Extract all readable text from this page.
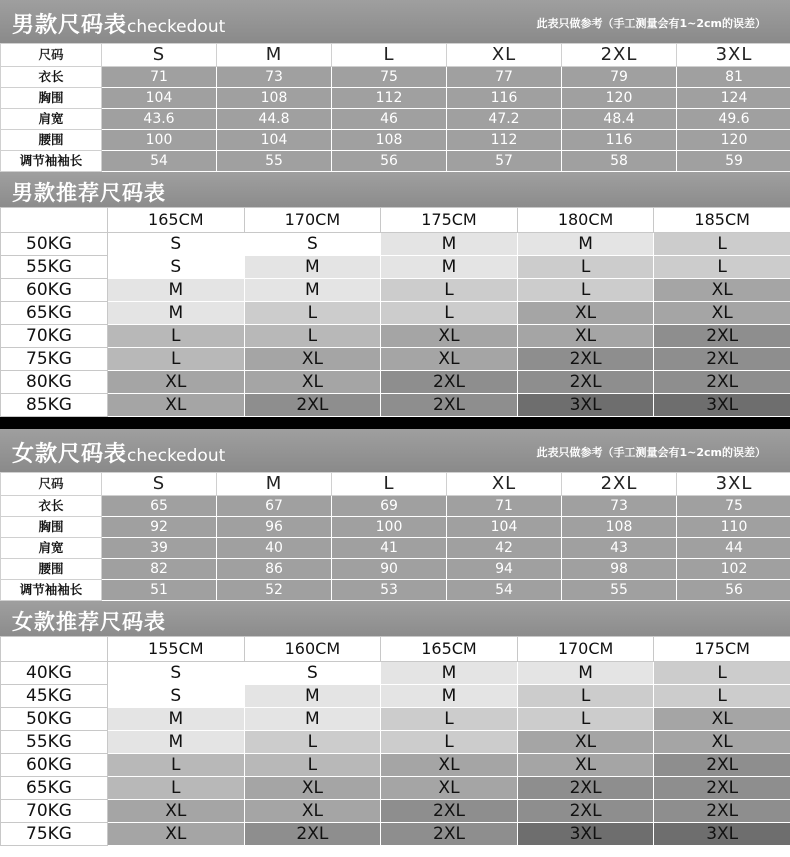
男款尺码表checkedout	此表只做参考（手工测量会有1~2cm的误差）
尺码	S	M	L	XL	2XL	3XL
衣长	71	73	75	77	79	81
胸围	104	108	112	116	120	124
肩宽	43.6	44.8	46	47.2	48.4	49.6
腰围	100	104	108	112	116	120
调节袖袖长	54	55	56	57	58	59
男款推荐尺码表
	165CM	170CM	175CM	180CM	185CM
50KG	S	S	M	M	L
55KG	S	M	M	L	L
60KG	M	M	L	L	XL
65KG	M	L	L	XL	XL
70KG	L	L	XL	XL	2XL
75KG	L	XL	XL	2XL	2XL
80KG	XL	XL	2XL	2XL	2XL
85KG	XL	2XL	2XL	3XL	3XL
女款尺码表checkedout	此表只做参考（手工测量会有1~2cm的误差）
尺码	S	M	L	XL	2XL	3XL
衣长	65	67	69	71	73	75
胸围	92	96	100	104	108	110
肩宽	39	40	41	42	43	44
腰围	82	86	90	94	98	102
调节袖袖长	51	52	53	54	55	56
女款推荐尺码表
	155CM	160CM	165CM	170CM	175CM
40KG	S	S	M	M	L
45KG	S	M	M	L	L
50KG	M	M	L	L	XL
55KG	M	L	L	XL	XL
60KG	L	L	XL	XL	2XL
65KG	L	XL	XL	2XL	2XL
70KG	XL	XL	2XL	2XL	2XL
75KG	XL	2XL	2XL	3XL	3XL
